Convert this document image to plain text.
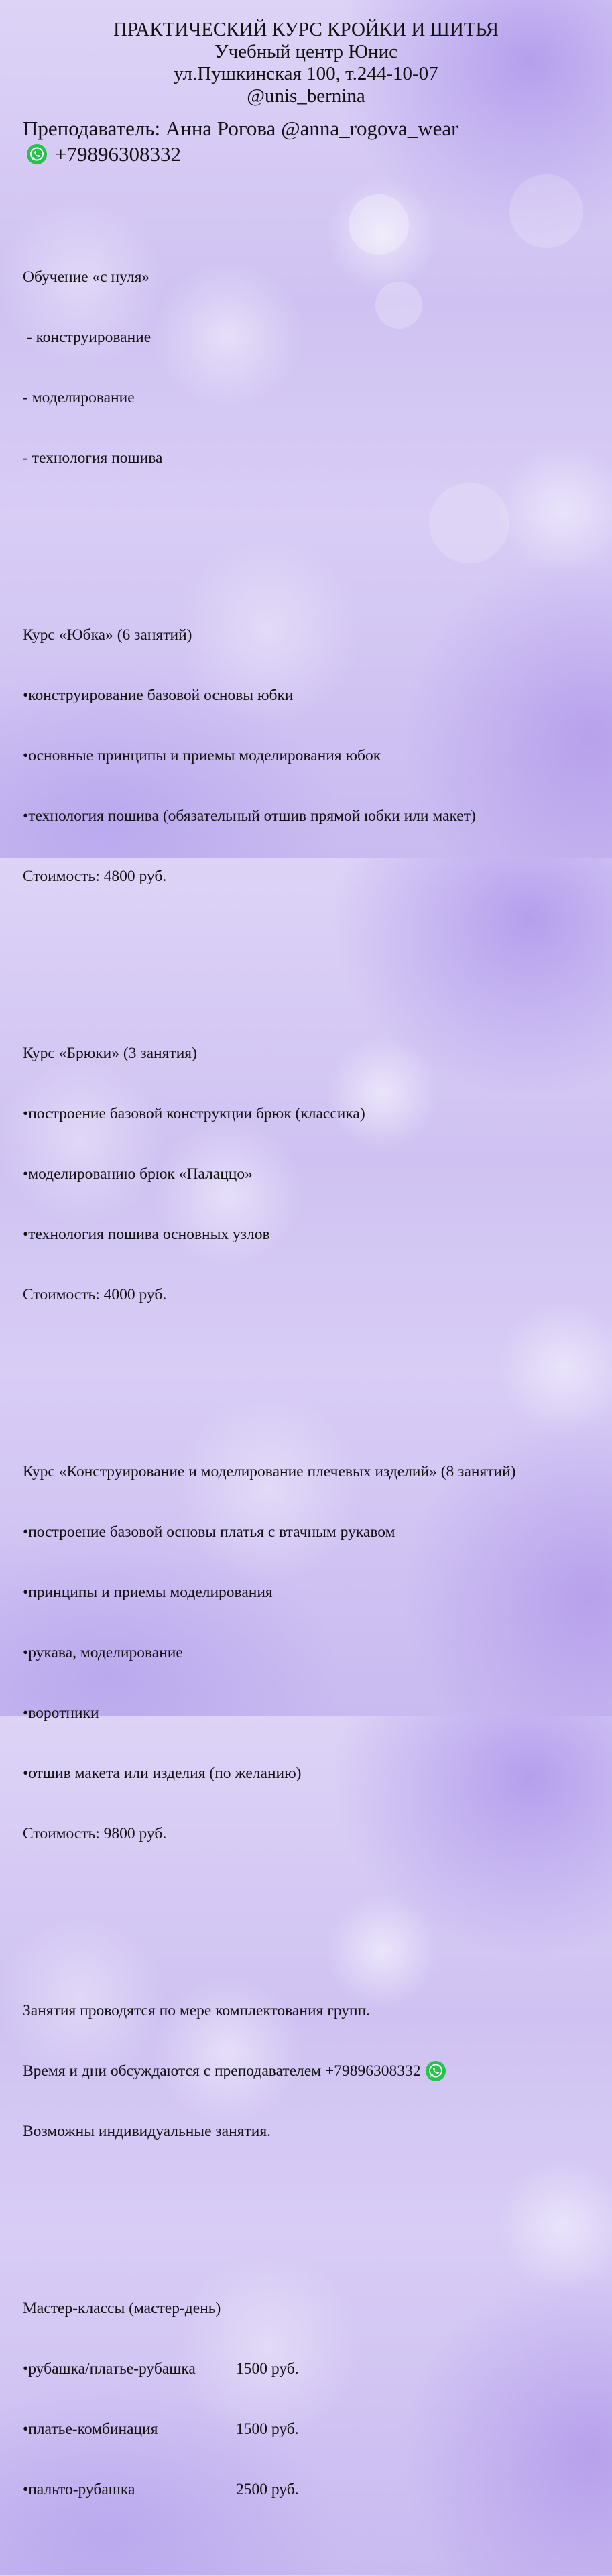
ПРАКТИЧЕСКИЙ КУРС КРОЙКИ И ШИТЬЯ
Учебный центр Юнис
ул.Пушкинская 100, т.244-10-07
@unis_bernina
Преподаватель: Анна Рогова @anna_rogova_wear
+79896308332

Обучение «с нуля»

- конструирование

- моделирование

- технология пошива

Курс «Юбка» (6 занятий)

•конструирование базовой основы юбки

•основные принципы и приемы моделирования юбок

•технология пошива (обязательный отшив прямой юбки или макет)

Стоимость: 4800 руб.

Курс «Брюки» (3 занятия)

•построение базовой конструкции брюк (классика)

•моделированию брюк «Палаццо»

•технология пошива основных узлов

Стоимость: 4000 руб.

Курс «Конструирование и моделирование плечевых изделий» (8 занятий)

•построение базовой основы платья с втачным рукавом

•принципы и приемы моделирования

•рукава, моделирование

•воротники

•отшив макета или изделия (по желанию)

Стоимость: 9800 руб.

Занятия проводятся по мере комплектования групп.

Время и дни обсуждаются с преподавателем +79896308332

Возможны индивидуальные занятия.

Мастер-классы (мастер-день)

•рубашка/платье-рубашка	1500 руб.

•платье-комбинация	1500 руб.

•пальто-рубашка	2500 руб.
